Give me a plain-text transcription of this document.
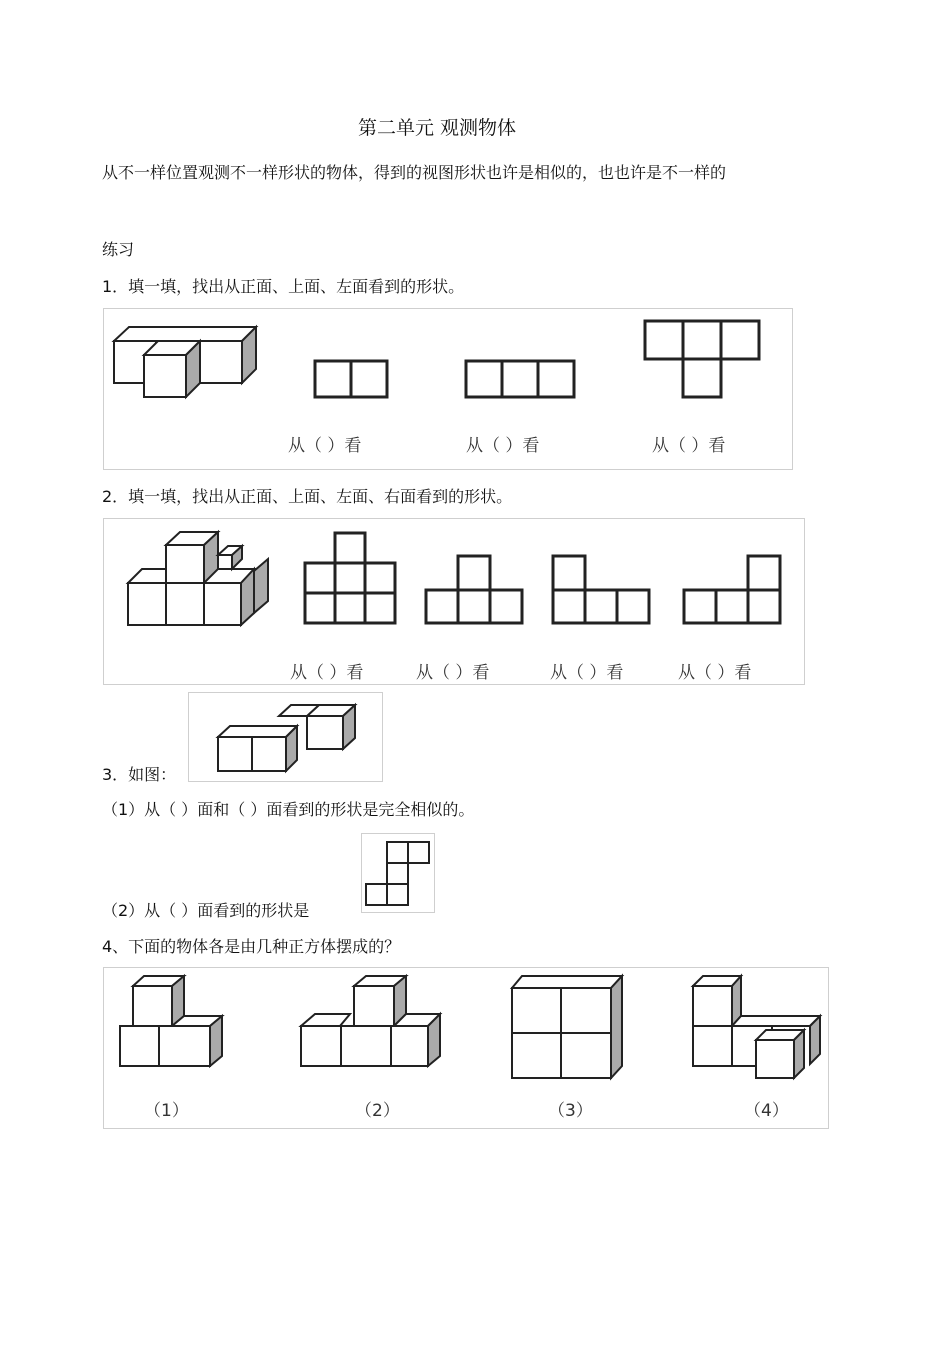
第二单元 观测物体
从不一样位置观测不一样形状的物体，得到的视图形状也许是相似的，也也许是不一样的
练习
1．填一填，找出从正面、上面、左面看到的形状。
从（ ）看	从（ ）看	从（ ）看
2．填一填，找出从正面、上面、左面、右面看到的形状。
从（ ）看	从（ ）看	从（ ）看	从（ ）看
3．如图：
（1）从（ ）面和（ ）面看到的形状是完全相似的。
（2）从（ ）面看到的形状是
4、下面的物体各是由几种正方体摆成的？
（1）	（2）	（3）	（4）
